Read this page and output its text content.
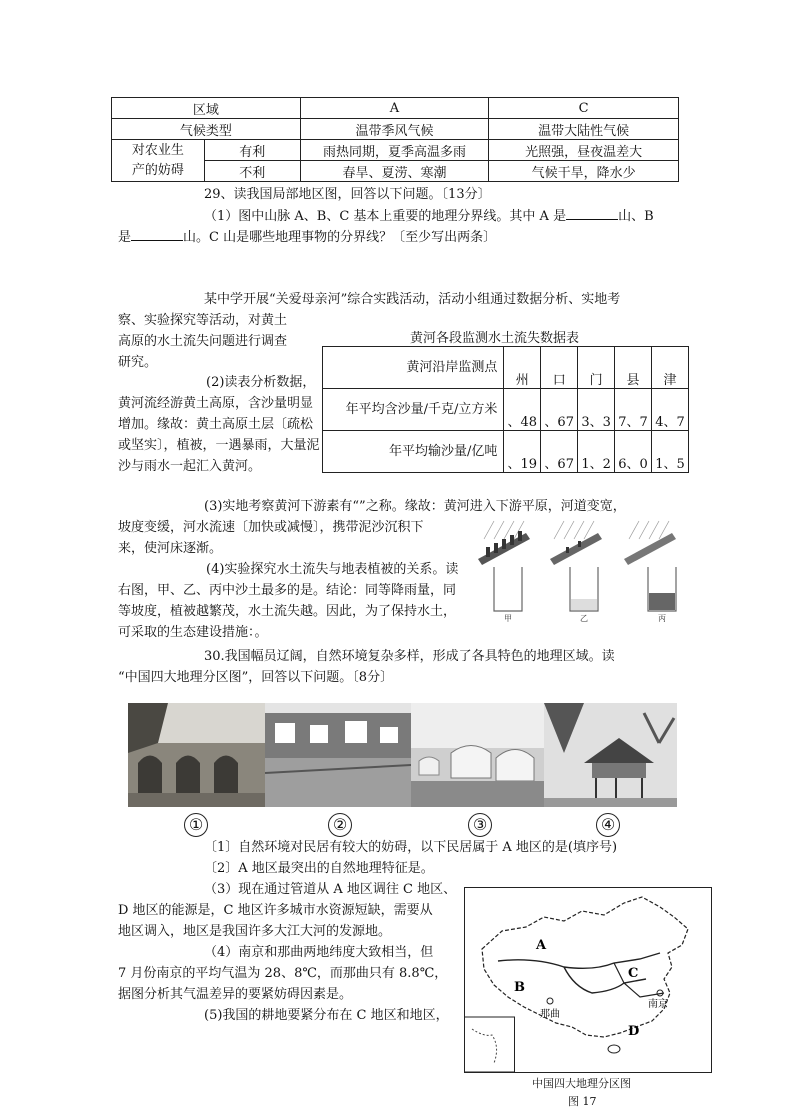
区域		A	C
气候类型		温带季风气候	温带大陆性气候
对农业生
产的妨碍	有利	雨热同期，夏季高温多雨	光照强，昼夜温差大
	不利	春旱、夏涝、寒潮	气候干旱，降水少
29、读我国局部地区图，回答以下问题。〔13分〕
（1）图中山脉 A、B、C 基本上重要的地理分界线。其中 A 是	山、B
是	山。C 山是哪些地理事物的分界线？〔至少写出两条〕
某中学开展“关爱母亲河”综合实践活动，活动小组通过数据分析、实地考
察、实验探究等活动，对黄土
高原的水土流失问题进行调查
研究。
(2)读表分析数据，黄河流经游黄土高原，含沙量明显增加。缘故：黄土高原土层〔疏松或坚实〕，植被，一遇暴雨，大量泥沙与雨水一起汇入黄河。
黄河各段监测水土流失数据表
黄河沿岸监测点	州	口	门	县	津
年平均含沙量/千克/立方米	、48	、67	3、3	7、7	4、7
年平均输沙量/亿吨	、19	、67	1、2	6、0	1、5
(3)实地考察黄河下游素有“”之称。缘故：黄河进入下游平原，河道变宽，
坡度变缓，河水流速〔加快或减慢〕，携带泥沙沉积下
来，使河床逐渐。
(4)实验探究水土流失与地表植被的关系。读右图，甲、乙、丙中沙土最多的是。结论：同等降雨量，同等坡度，植被越繁茂，水土流失越。因此，为了保持水土，可采取的生态建设措施：。
甲	乙	丙
30.我国幅员辽阔，自然环境复杂多样，形成了各具特色的地理区域。读
“中国四大地理分区图”，回答以下问题。〔8分〕
①	②	③	④
〔1〕自然环境对民居有较大的妨碍，以下民居属于 A 地区的是(填序号)
〔2〕A 地区最突出的自然地理特征是。
（3）现在通过管道从 A 地区调往 C 地区、
D 地区的能源是，C 地区许多城市水资源短缺，需要从
地区调入，地区是我国许多大江大河的发源地。
（4）南京和那曲两地纬度大致相当，但
7 月份南京的平均气温为 28、8℃，而那曲只有 8.8℃，
据图分析其气温差异的要紧妨碍因素是。
(5)我国的耕地要紧分布在 C 地区和地区，
A
B
C
D
那曲
南京
中国四大地理分区图
图 17
